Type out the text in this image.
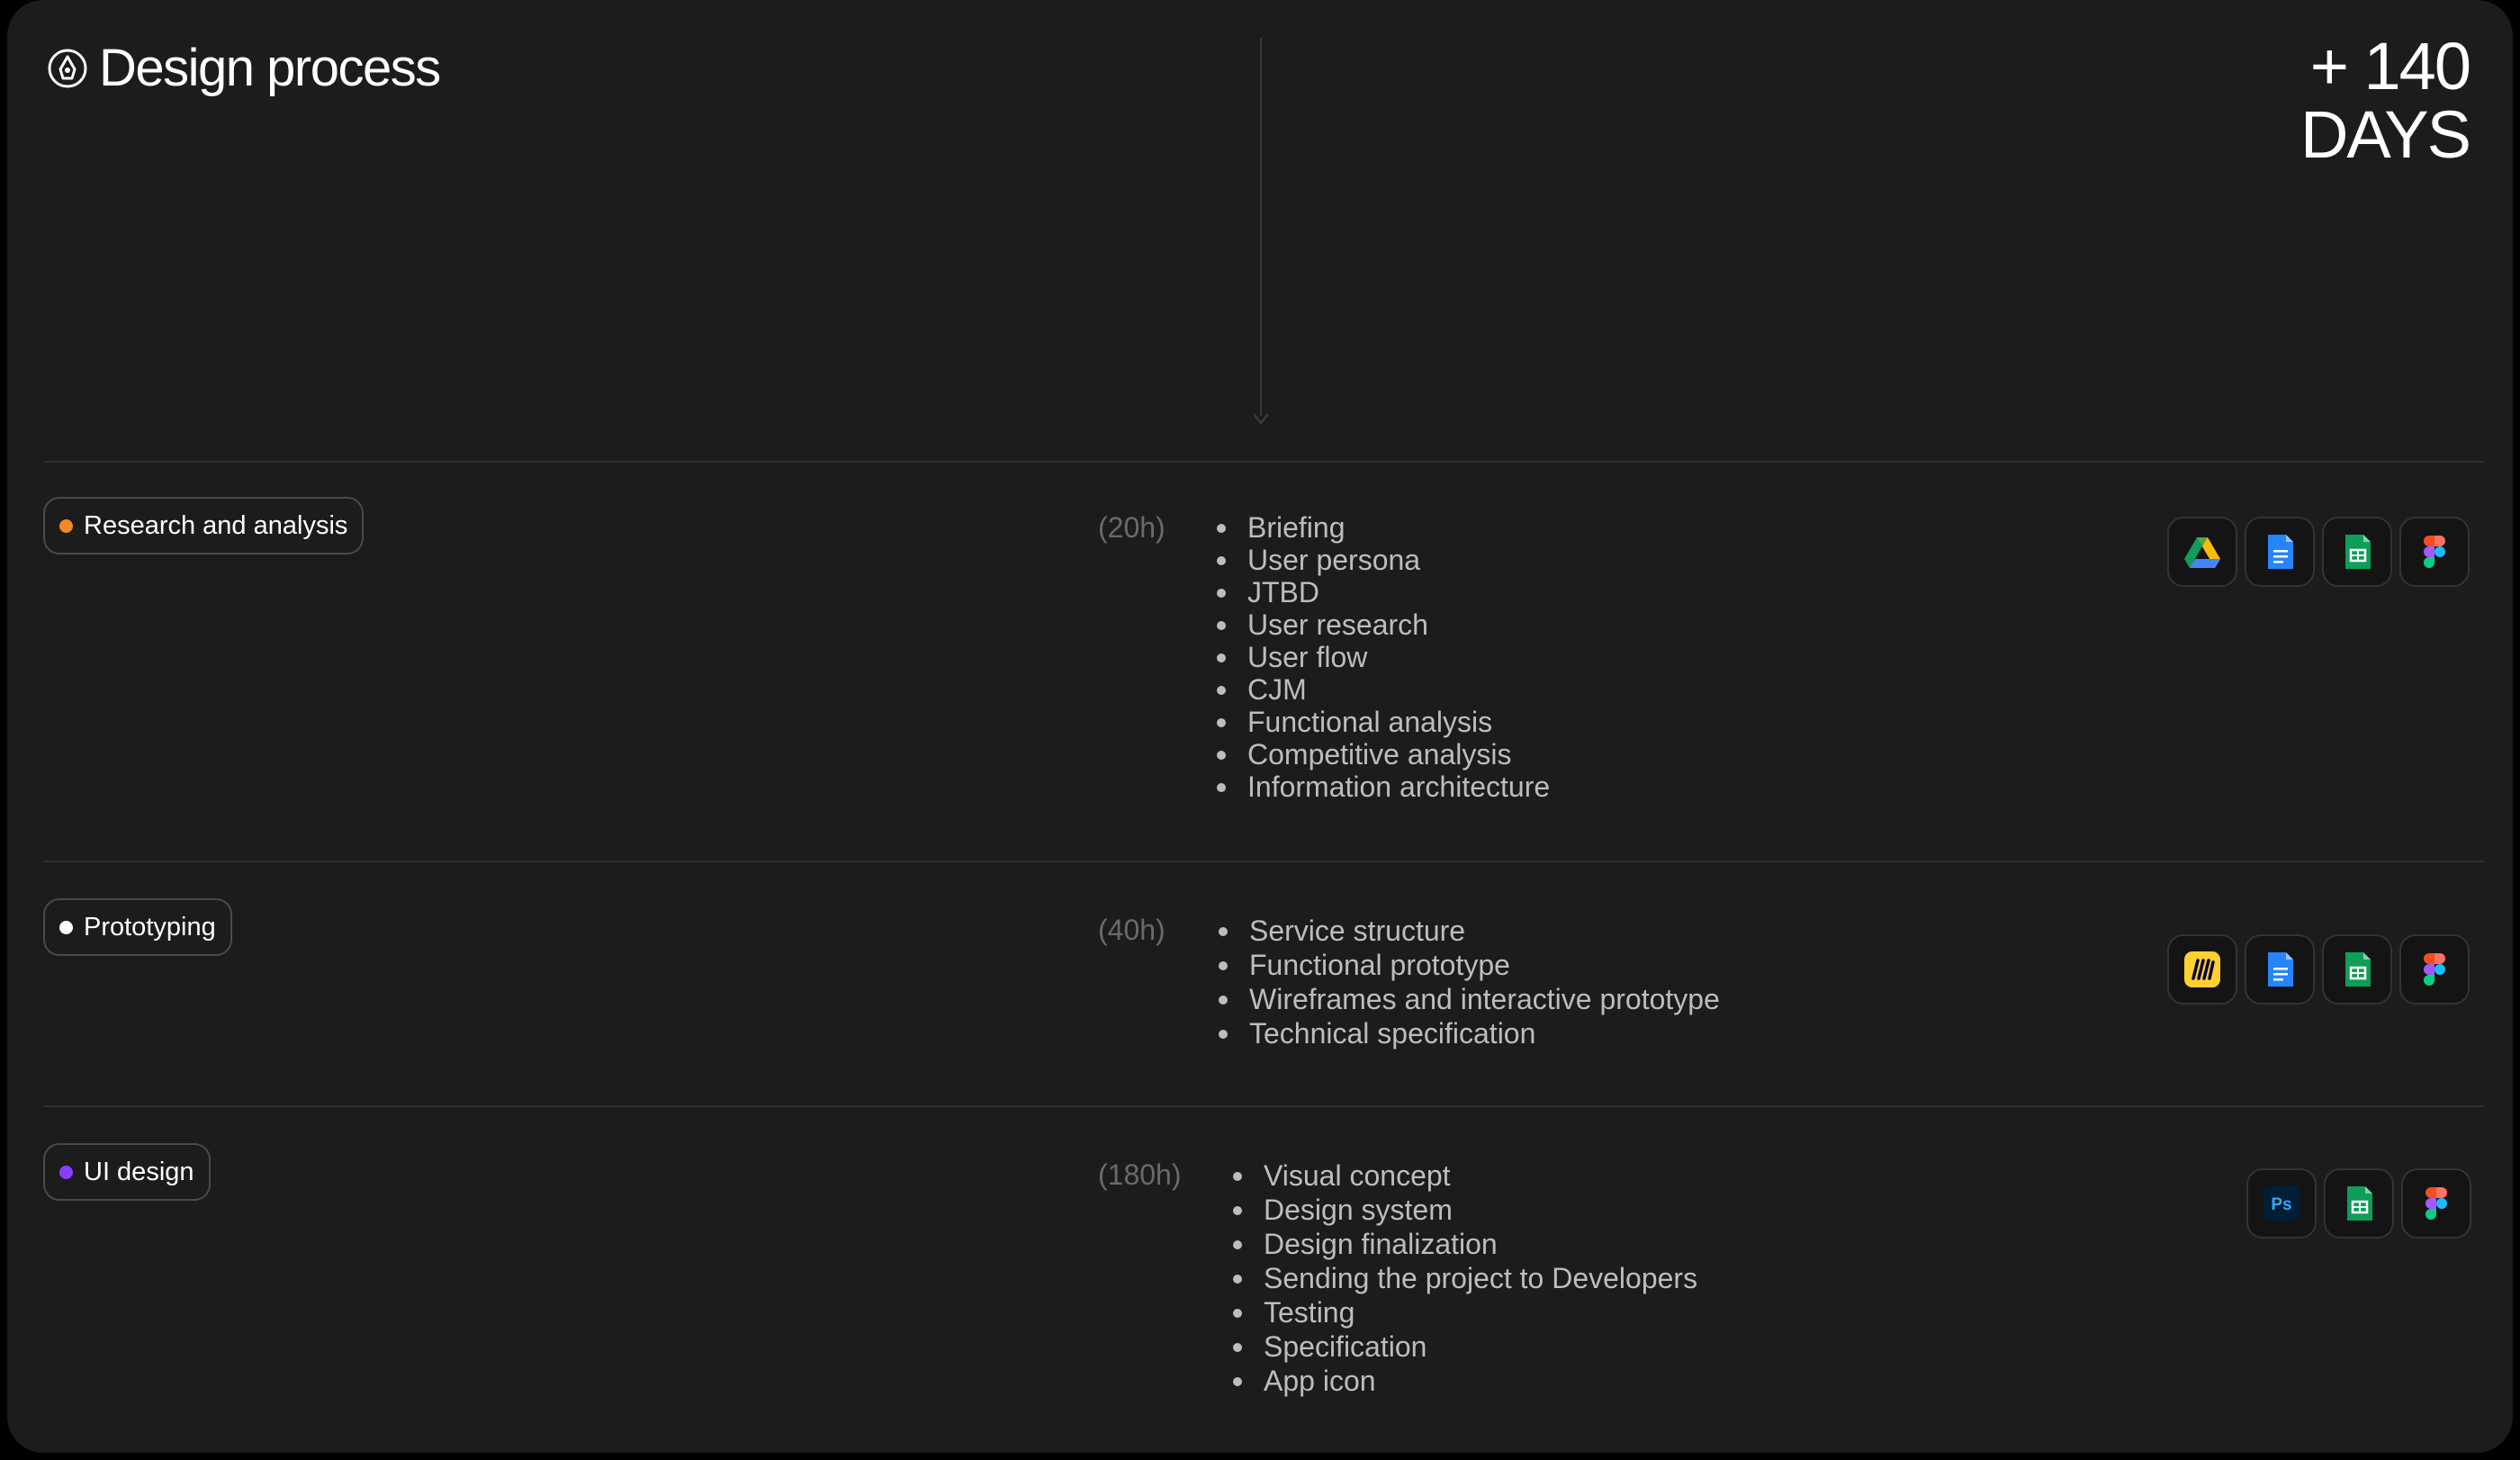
Design process	+ 140
DAYS
Research and analysis	(20h)	Briefing
User persona
JTBD
User research
User flow
CJM
Functional analysis
Competitive analysis
Information architecture
Prototyping	(40h)	Service structure
Functional prototype
Wireframes and interactive prototype
Technical specification
UI design	(180h)	Visual concept
Design system
Design finalization
Sending the project to Developers
Testing
Specification
App icon
Ps
